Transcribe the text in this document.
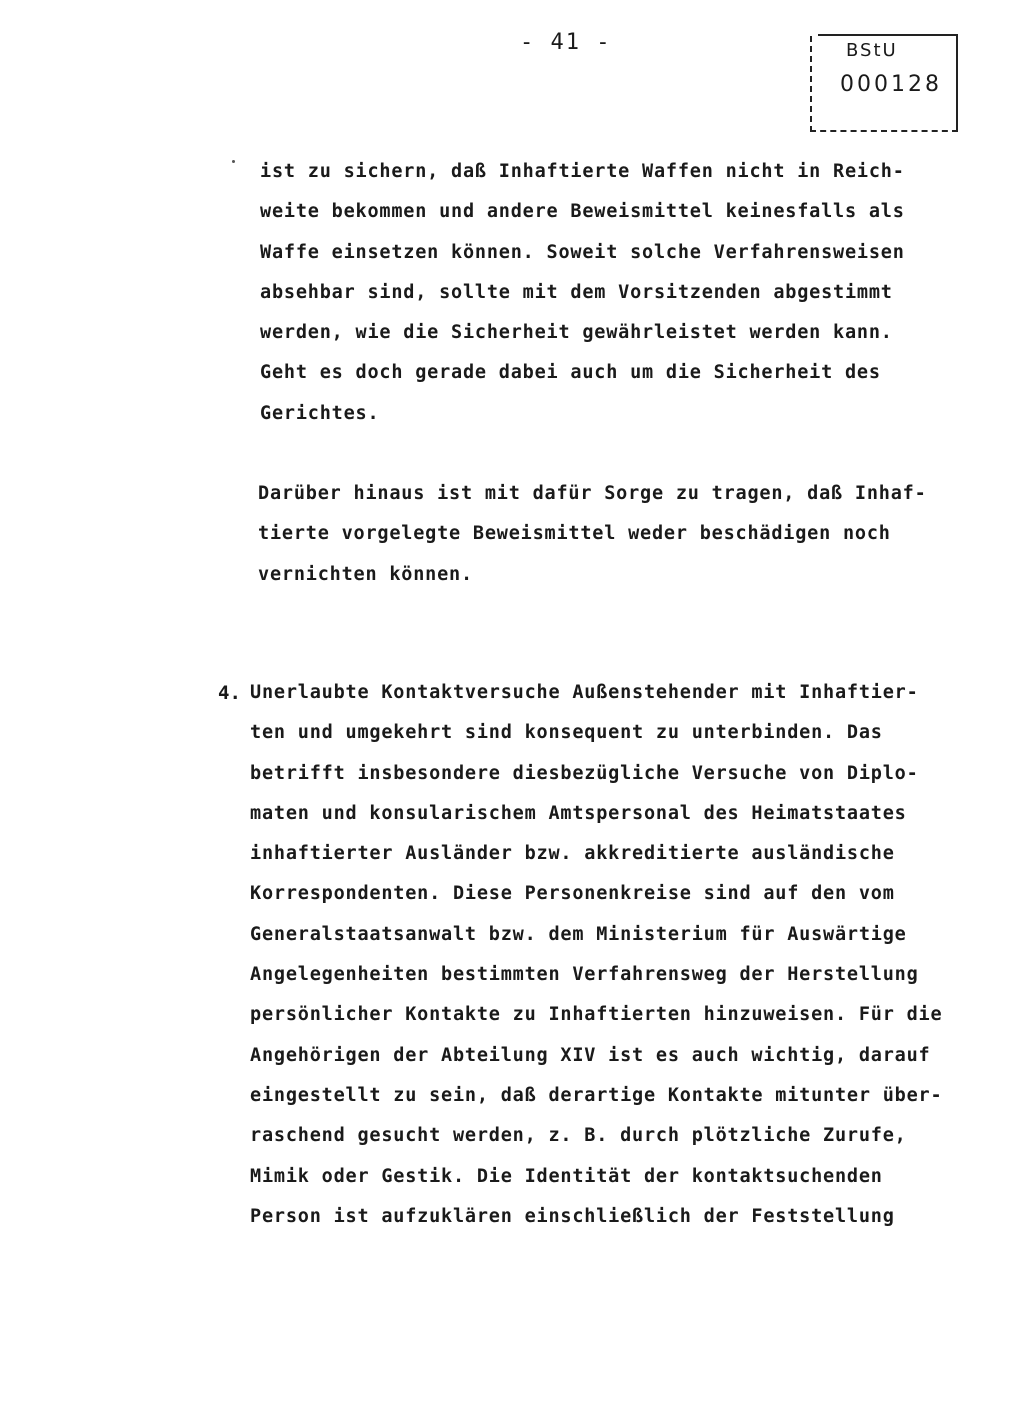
- 41 -	BStU
000128
ist zu sichern, daß Inhaftierte Waffen nicht in Reich-
weite bekommen und andere Beweismittel keinesfalls als
Waffe einsetzen können. Soweit solche Verfahrensweisen
absehbar sind, sollte mit dem Vorsitzenden abgestimmt
werden, wie die Sicherheit gewährleistet werden kann.
Geht es doch gerade dabei auch um die Sicherheit des
Gerichtes.
Darüber hinaus ist mit dafür Sorge zu tragen, daß Inhaf-
tierte vorgelegte Beweismittel weder beschädigen noch
vernichten können.
4. Unerlaubte Kontaktversuche Außenstehender mit Inhaftier-
ten und umgekehrt sind konsequent zu unterbinden. Das
betrifft insbesondere diesbezügliche Versuche von Diplo-
maten und konsularischem Amtspersonal des Heimatstaates
inhaftierter Ausländer bzw. akkreditierte ausländische
Korrespondenten. Diese Personenkreise sind auf den vom
Generalstaatsanwalt bzw. dem Ministerium für Auswärtige
Angelegenheiten bestimmten Verfahrensweg der Herstellung
persönlicher Kontakte zu Inhaftierten hinzuweisen. Für die
Angehörigen der Abteilung XIV ist es auch wichtig, darauf
eingestellt zu sein, daß derartige Kontakte mitunter über-
raschend gesucht werden, z. B. durch plötzliche Zurufe,
Mimik oder Gestik. Die Identität der kontaktsuchenden
Person ist aufzuklären einschließlich der Feststellung
